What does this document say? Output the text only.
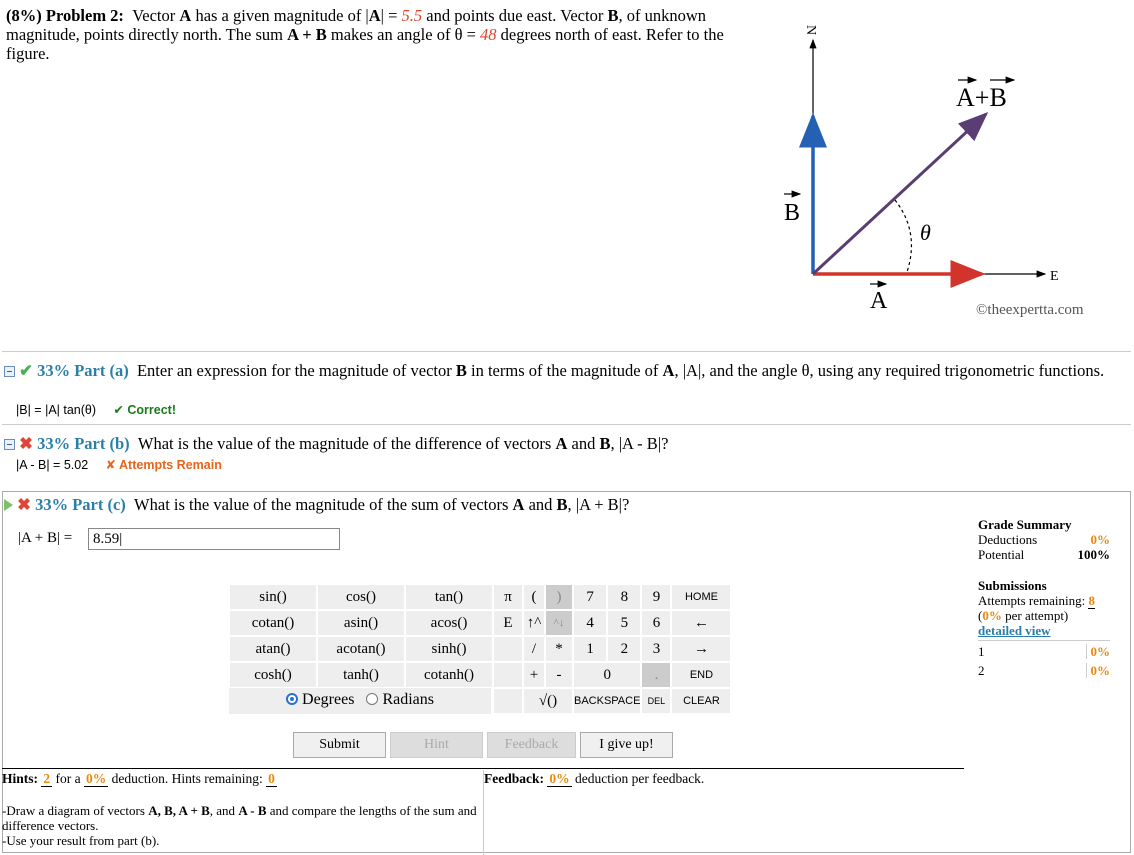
(8%) Problem 2: Vector A has a given magnitude of |A| = 5.5 and points due east. Vector B, of unknown magnitude, points directly north. The sum A + B makes an angle of θ = 48 degrees north of east. Refer to the figure.
N
E
θ
A+B
B
A	©theexpertta.com
✔ 33% Part (a) Enter an expression for the magnitude of vector B in terms of the magnitude of A, |A|, and the angle θ, using any required trigonometric functions.
|B| = |A| tan(θ) ✔ Correct!
✖ 33% Part (b) What is the value of the magnitude of the difference of vectors A and B, |A - B|?
|A - B| = 5.02 ✘ Attempts Remain
✖ 33% Part (c) What is the value of the magnitude of the sum of vectors A and B, |A + B|?
|A + B| =	8.59|
sin()	cos()	tan()
cotan()	asin()	acos()
atan()	acotan()	sinh()
cosh()	tanh()	cotanh()
Degrees Radians
π	(	)	7	8	9	HOME
E	↑^	^↓	4	5	6	←
	/	*	1	2	3	→
	+	-	0		.	END
	√()		BACKSPACE		DEL	CLEAR
Submit	Hint	Feedback	I give up!
Hints: 2 for a 0% deduction. Hints remaining: 0
-Draw a diagram of vectors A, B, A + B, and A - B and compare the lengths of the sum and difference vectors.
-Use your result from part (b).
Feedback: 0% deduction per feedback.
Grade Summary
Deductions	0%
Potential	100%
Submissions
Attempts remaining: 8
(0% per attempt)
detailed view
1	0%
2	0%
